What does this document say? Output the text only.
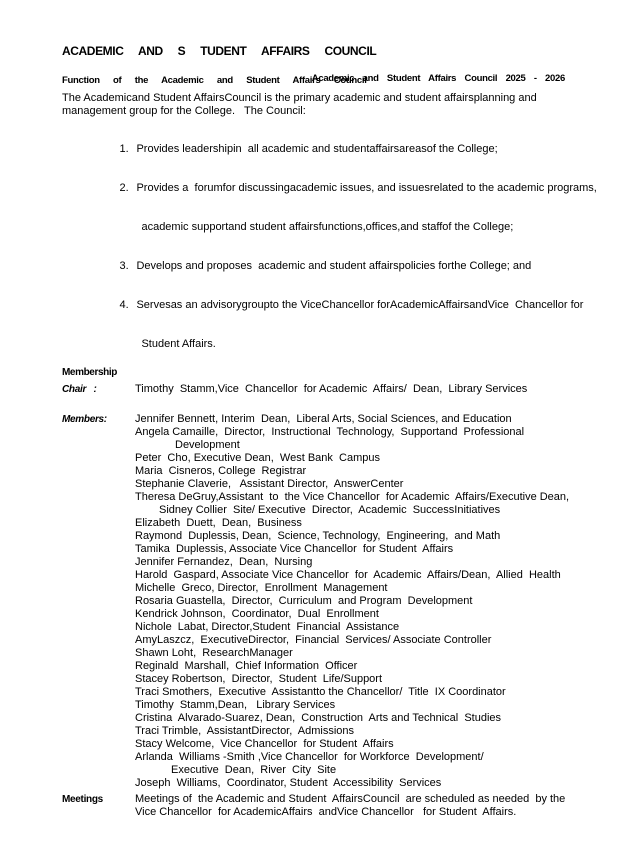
Academic and Student Affairs Council 2025 - 2026
ACADEMIC AND S TUDENT AFFAIRS COUNCIL
Function of the Academic and Student Affairs Council
The Academicand Student AffairsCouncil is the primary academic and student affairsplanning and
management group for the College.   The Council:

1. Provides leadershipin  all academic and studentaffairsareasof the College;

2. Provides a  forumfor discussingacademic issues, and issuesrelated to the academic programs,

academic supportand student affairsfunctions,offices,and staffof the College;

3. Develops and proposes  academic and student affairspolicies forthe College; and

4. Servesas an advisorygroupto the ViceChancellor forAcademicAffairsandVice  Chancellor for

Student Affairs.

Membership
Chair   :	Timothy  Stamm,Vice  Chancellor  for Academic  Affairs/  Dean,  Library Services
Members:	Jennifer Bennett, Interim  Dean,  Liberal Arts, Social Sciences, and Education
Angela Camaille,  Director,  Instructional  Technology,  Supportand  Professional
Development
Peter  Cho, Executive Dean,  West Bank  Campus
Maria  Cisneros, College  Registrar
Stephanie Claverie,   Assistant Director,  AnswerCenter
Theresa DeGruy,Assistant  to  the Vice Chancellor  for Academic  Affairs/Executive Dean,
Sidney Collier  Site/ Executive  Director,  Academic  SuccessInitiatives
Elizabeth  Duett,  Dean,  Business
Raymond  Duplessis, Dean,  Science, Technology,  Engineering,  and Math
Tamika  Duplessis, Associate Vice Chancellor  for Student  Affairs
Jennifer Fernandez,  Dean,  Nursing
Harold  Gaspard, Associate Vice Chancellor  for  Academic  Affairs/Dean,  Allied  Health
Michelle  Greco, Director,  Enrollment  Management
Rosaria Guastella,  Director,  Curriculum  and Program  Development
Kendrick Johnson,  Coordinator,  Dual  Enrollment
Nichole  Labat, Director,Student  Financial  Assistance
AmyLaszcz,  ExecutiveDirector,  Financial  Services/ Associate Controller
Shawn Loht,  ResearchManager
Reginald  Marshall,  Chief Information  Officer
Stacey Robertson,  Director,  Student  Life/Support
Traci Smothers,  Executive  Assistantto the Chancellor/  Title  IX Coordinator
Timothy  Stamm,Dean,   Library Services
Cristina  Alvarado-Suarez, Dean,  Construction  Arts and Technical  Studies
Traci Trimble,  AssistantDirector,  Admissions
Stacy Welcome,  Vice Chancellor  for Student  Affairs
Arlanda  Williams -Smith ,Vice Chancellor  for Workforce  Development/
Executive  Dean,  River  City  Site
Joseph  Williams,  Coordinator, Student  Accessibility  Services
Meetings	Meetings of  the Academic and Student  AffairsCouncil  are scheduled as needed  by the
Vice Chancellor  for AcademicAffairs  andVice Chancellor   for Student  Affairs.
